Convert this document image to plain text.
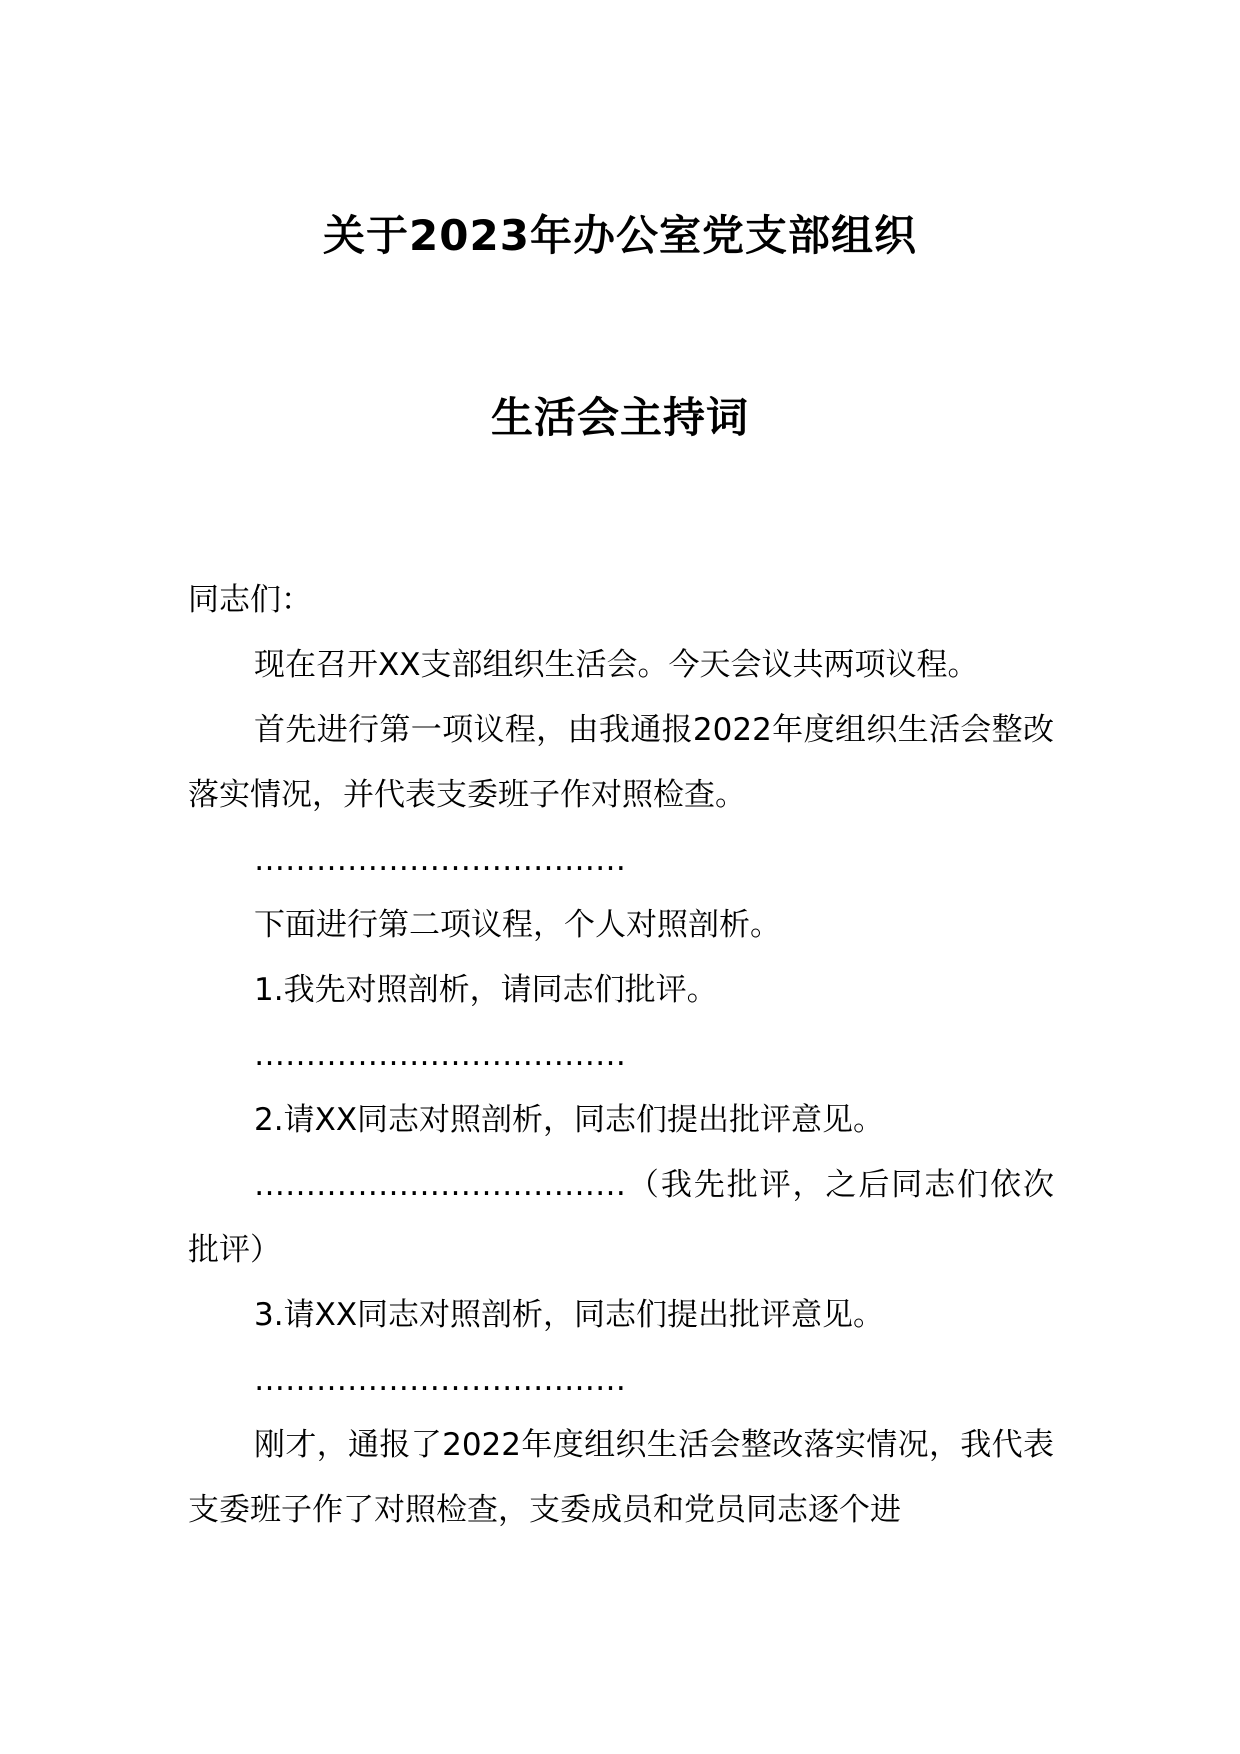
关于2023年办公室党支部组织
生活会主持词

同志们：

现在召开XX支部组织生活会。今天会议共两项议程。

首先进行第一项议程，由我通报2022年度组织生活会整改落实情况，并代表支委班子作对照检查。

………………………………

下面进行第二项议程，个人对照剖析。

1.我先对照剖析，请同志们批评。

………………………………

2.请XX同志对照剖析，同志们提出批评意见。

………………………………（我先批评，之后同志们依次批评）

3.请XX同志对照剖析，同志们提出批评意见。

………………………………

刚才，通报了2022年度组织生活会整改落实情况，我代表支委班子作了对照检查，支委成员和党员同志逐个进
